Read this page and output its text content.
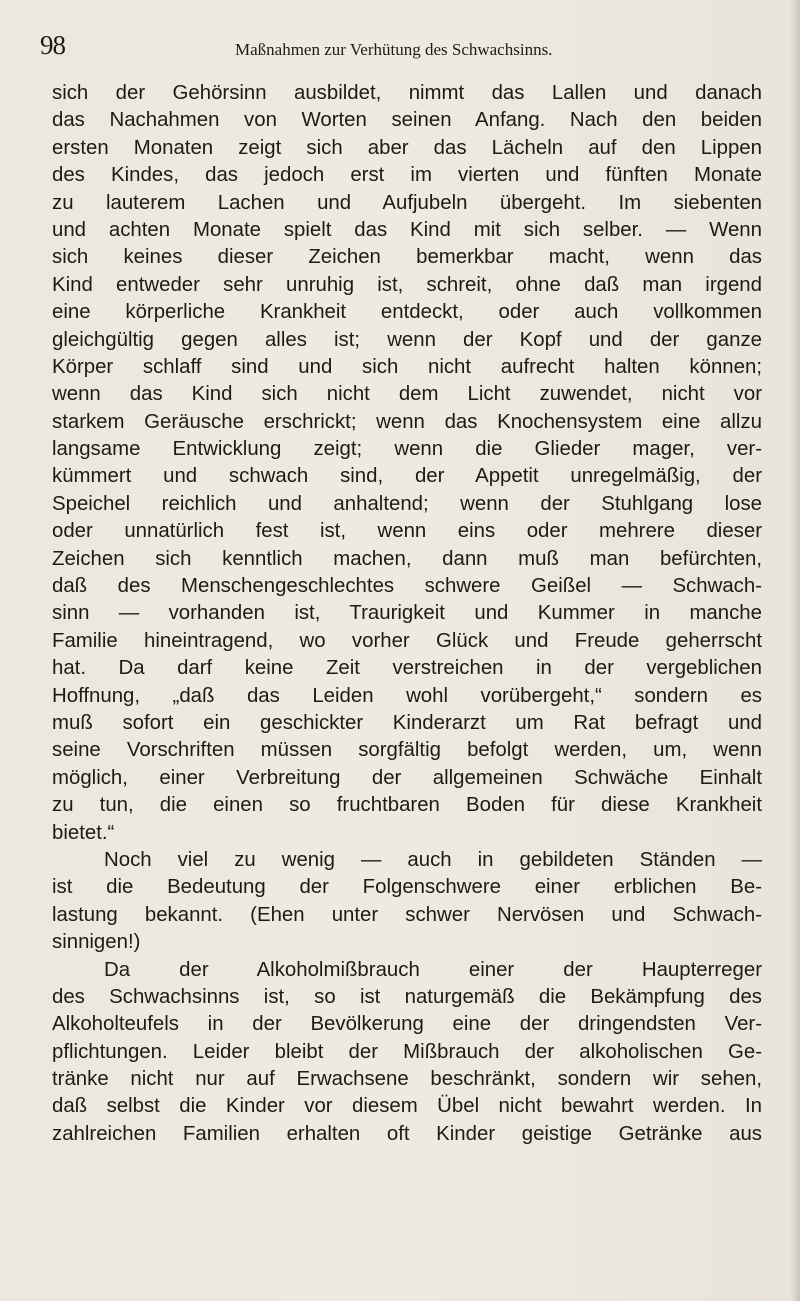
98	Maßnahmen zur Verhütung des Schwachsinns.
sich der Gehörsinn ausbildet, nimmt das Lallen und danach
das Nachahmen von Worten seinen Anfang. Nach den beiden
ersten Monaten zeigt sich aber das Lächeln auf den Lippen
des Kindes, das jedoch erst im vierten und fünften Monate
zu lauterem Lachen und Aufjubeln übergeht. Im siebenten
und achten Monate spielt das Kind mit sich selber. — Wenn
sich keines dieser Zeichen bemerkbar macht, wenn das
Kind entweder sehr unruhig ist, schreit, ohne daß man irgend
eine körperliche Krankheit entdeckt, oder auch vollkommen
gleichgültig gegen alles ist; wenn der Kopf und der ganze
Körper schlaff sind und sich nicht aufrecht halten können;
wenn das Kind sich nicht dem Licht zuwendet, nicht vor
starkem Geräusche erschrickt; wenn das Knochensystem eine allzu
langsame Entwicklung zeigt; wenn die Glieder mager, ver-
kümmert und schwach sind, der Appetit unregelmäßig, der
Speichel reichlich und anhaltend; wenn der Stuhlgang lose
oder unnatürlich fest ist, wenn eins oder mehrere dieser
Zeichen sich kenntlich machen, dann muß man befürchten,
daß des Menschengeschlechtes schwere Geißel — Schwach-
sinn — vorhanden ist, Traurigkeit und Kummer in manche
Familie hineintragend, wo vorher Glück und Freude geherrscht
hat. Da darf keine Zeit verstreichen in der vergeblichen
Hoffnung, „daß das Leiden wohl vorübergeht,“ sondern es
muß sofort ein geschickter Kinderarzt um Rat befragt und
seine Vorschriften müssen sorgfältig befolgt werden, um, wenn
möglich, einer Verbreitung der allgemeinen Schwäche Einhalt
zu tun, die einen so fruchtbaren Boden für diese Krankheit
bietet.“
Noch viel zu wenig — auch in gebildeten Ständen —
ist die Bedeutung der Folgenschwere einer erblichen Be-
lastung bekannt. (Ehen unter schwer Nervösen und Schwach-
sinnigen!)
Da der Alkoholmißbrauch einer der Haupterreger
des Schwachsinns ist, so ist naturgemäß die Bekämpfung des
Alkoholteufels in der Bevölkerung eine der dringendsten Ver-
pflichtungen. Leider bleibt der Mißbrauch der alkoholischen Ge-
tränke nicht nur auf Erwachsene beschränkt, sondern wir sehen,
daß selbst die Kinder vor diesem Übel nicht bewahrt werden. In
zahlreichen Familien erhalten oft Kinder geistige Getränke aus
